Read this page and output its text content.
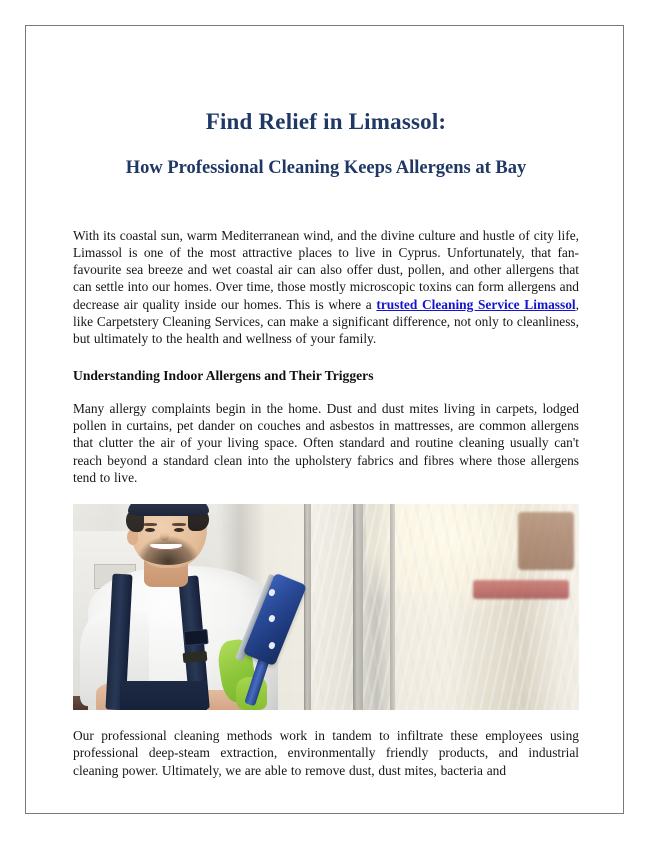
Find Relief in Limassol:
How Professional Cleaning Keeps Allergens at Bay

With its coastal sun, warm Mediterranean wind, and the divine culture and hustle of city life, Limassol is one of the most attractive places to live in Cyprus. Unfortunately, that fan-favourite sea breeze and wet coastal air can also offer dust, pollen, and other allergens that can settle into our homes. Over time, those mostly microscopic toxins can form allergens and decrease air quality inside our homes. This is where a trusted Cleaning Service Limassol, like Carpetstery Cleaning Services, can make a significant difference, not only to cleanliness, but ultimately to the health and wellness of your family.

Understanding Indoor Allergens and Their Triggers

Many allergy complaints begin in the home. Dust and dust mites living in carpets, lodged pollen in curtains, pet dander on couches and asbestos in mattresses, are common allergens that clutter the air of your living space. Often standard and routine cleaning usually can't reach beyond a standard clean into the upholstery fabrics and fibres where those allergens tend to live.

Our professional cleaning methods work in tandem to infiltrate these employees using professional deep-steam extraction, environmentally friendly products, and industrial cleaning power. Ultimately, we are able to remove dust, dust mites, bacteria and
